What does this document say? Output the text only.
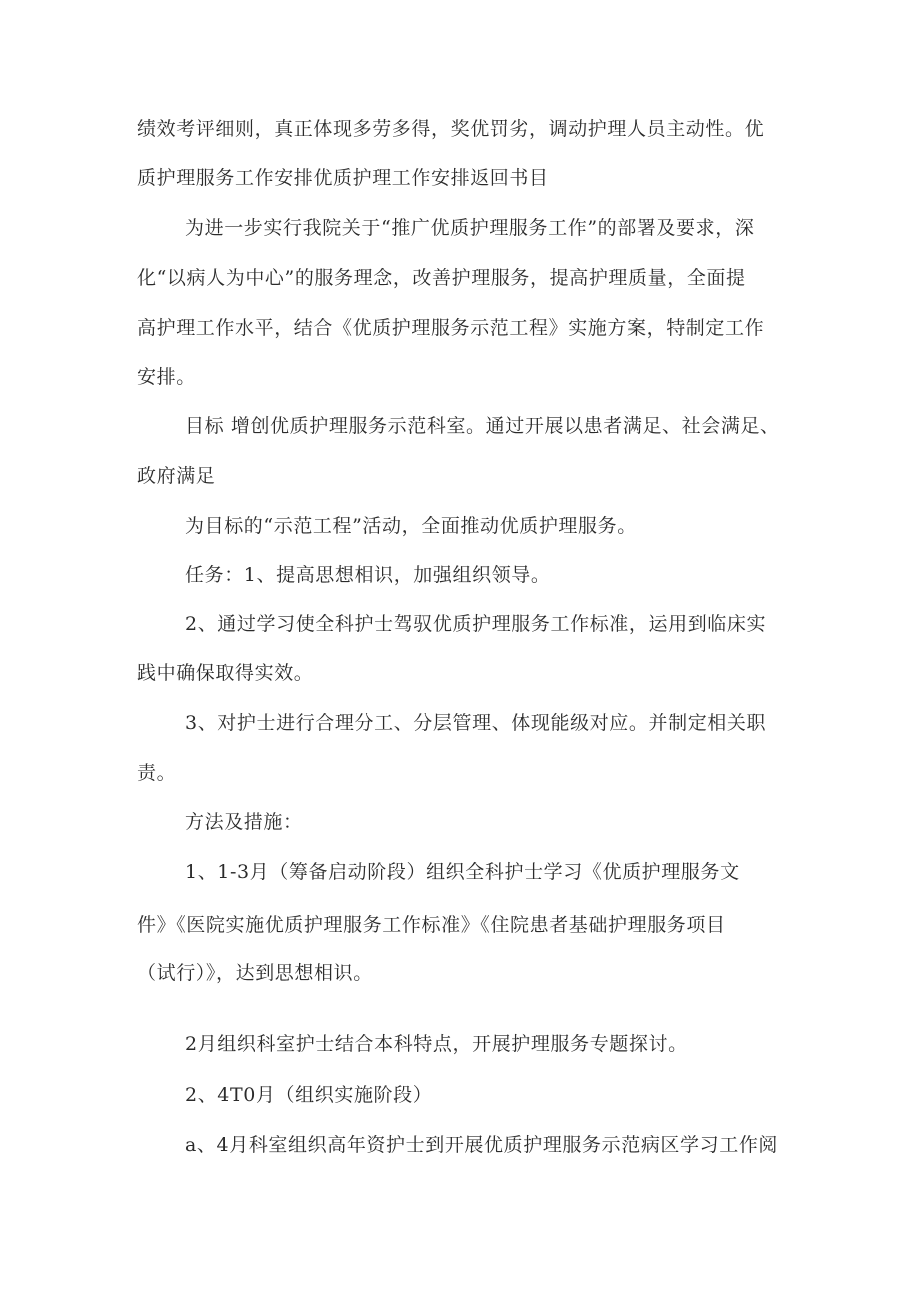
绩效考评细则，真正体现多劳多得，奖优罚劣，调动护理人员主动性。优
质护理服务工作安排优质护理工作安排返回书目
为进一步实行我院关于“推广优质护理服务工作”的部署及要求，深
化“以病人为中心”的服务理念，改善护理服务，提高护理质量，全面提
高护理工作水平，结合《优质护理服务示范工程》实施方案，特制定工作
安排。
目标 增创优质护理服务示范科室。通过开展以患者满足、社会满足、
政府满足
为目标的“示范工程”活动，全面推动优质护理服务。
任务：1、提高思想相识，加强组织领导。
2、通过学习使全科护士驾驭优质护理服务工作标准，运用到临床实
践中确保取得实效。
3、对护士进行合理分工、分层管理、体现能级对应。并制定相关职
责。
方法及措施：
1、1-3月（筹备启动阶段）组织全科护士学习《优质护理服务文
件》《医院实施优质护理服务工作标准》《住院患者基础护理服务项目
（试行）》，达到思想相识。
2月组织科室护士结合本科特点，开展护理服务专题探讨。
2、4T0月（组织实施阶段）
a、4月科室组织高年资护士到开展优质护理服务示范病区学习工作阅
